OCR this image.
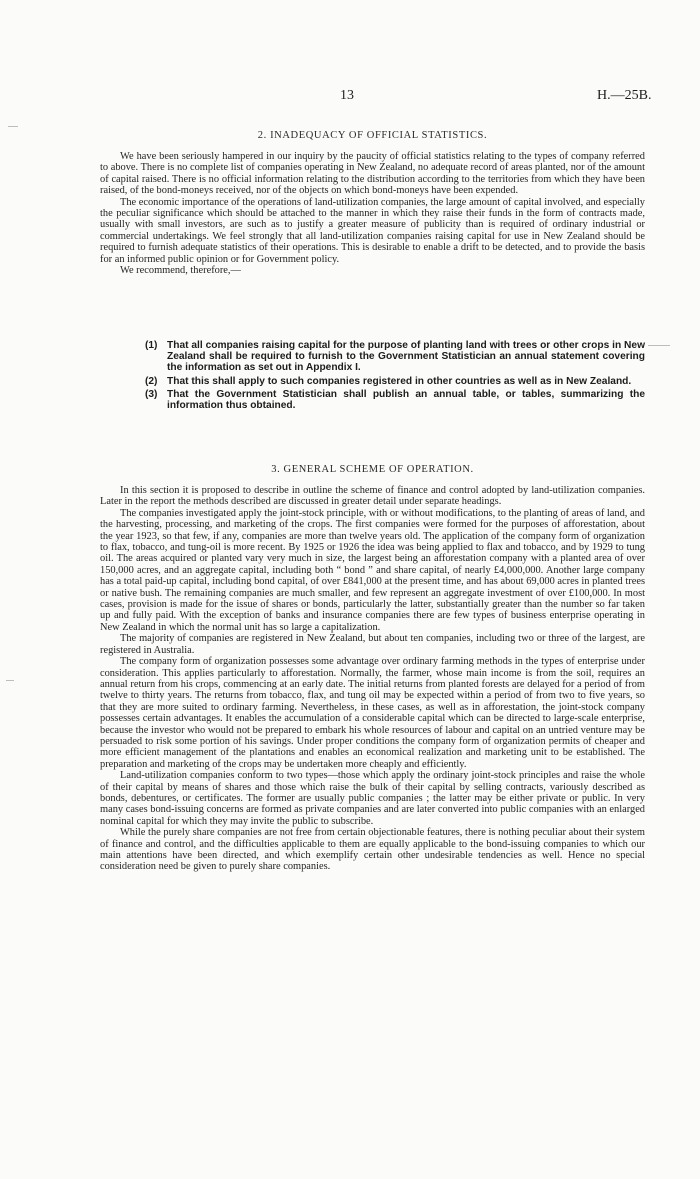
13	H.—25B.
2. INADEQUACY OF OFFICIAL STATISTICS.

We have been seriously hampered in our inquiry by the paucity of official statistics relating to the types of company referred to above. There is no complete list of companies operating in New Zealand, no adequate record of areas planted, nor of the amount of capital raised. There is no official information relating to the distribution according to the territories from which they have been raised, of the bond-moneys received, nor of the objects on which bond-moneys have been expended.

The economic importance of the operations of land-utilization companies, the large amount of capital involved, and especially the peculiar significance which should be attached to the manner in which they raise their funds in the form of contracts made, usually with small investors, are such as to justify a greater measure of publicity than is required of ordinary industrial or commercial undertakings. We feel strongly that all land-utilization companies raising capital for use in New Zealand should be required to furnish adequate statistics of their operations. This is desirable to enable a drift to be detected, and to provide the basis for an informed public opinion or for Government policy.

We recommend, therefore,—

(1) That all companies raising capital for the purpose of planting land with trees or other crops in New Zealand shall be required to furnish to the Government Statistician an annual statement covering the information as set out in Appendix I.
(2) That this shall apply to such companies registered in other countries as well as in New Zealand.
(3) That the Government Statistician shall publish an annual table, or tables, summarizing the information thus obtained.
3. GENERAL SCHEME OF OPERATION.

In this section it is proposed to describe in outline the scheme of finance and control adopted by land-utilization companies. Later in the report the methods described are discussed in greater detail under separate headings.

The companies investigated apply the joint-stock principle, with or without modifications, to the planting of areas of land, and the harvesting, processing, and marketing of the crops. The first companies were formed for the purposes of afforestation, about the year 1923, so that few, if any, companies are more than twelve years old. The application of the company form of organization to flax, tobacco, and tung-oil is more recent. By 1925 or 1926 the idea was being applied to flax and tobacco, and by 1929 to tung oil. The areas acquired or planted vary very much in size, the largest being an afforestation company with a planted area of over 150,000 acres, and an aggregate capital, including both “ bond ” and share capital, of nearly £4,000,000. Another large company has a total paid-up capital, including bond capital, of over £841,000 at the present time, and has about 69,000 acres in planted trees or native bush. The remaining companies are much smaller, and few represent an aggregate investment of over £100,000. In most cases, provision is made for the issue of shares or bonds, particularly the latter, substantially greater than the number so far taken up and fully paid. With the exception of banks and insurance companies there are few types of business enterprise operating in New Zealand in which the normal unit has so large a capitalization.

The majority of companies are registered in New Zealand, but about ten companies, including two or three of the largest, are registered in Australia.

The company form of organization possesses some advantage over ordinary farming methods in the types of enterprise under consideration. This applies particularly to afforestation. Normally, the farmer, whose main income is from the soil, requires an annual return from his crops, commencing at an early date. The initial returns from planted forests are delayed for a period of from twelve to thirty years. The returns from tobacco, flax, and tung oil may be expected within a period of from two to five years, so that they are more suited to ordinary farming. Nevertheless, in these cases, as well as in afforestation, the joint-stock company possesses certain advantages. It enables the accumulation of a considerable capital which can be directed to large-scale enterprise, because the investor who would not be prepared to embark his whole resources of labour and capital on an untried venture may be persuaded to risk some portion of his savings. Under proper conditions the company form of organization permits of cheaper and more efficient management of the plantations and enables an economical realization and marketing unit to be established. The preparation and marketing of the crops may be undertaken more cheaply and efficiently.

Land-utilization companies conform to two types—those which apply the ordinary joint-stock principles and raise the whole of their capital by means of shares and those which raise the bulk of their capital by selling contracts, variously described as bonds, debentures, or certificates. The former are usually public companies ; the latter may be either private or public. In very many cases bond-issuing concerns are formed as private companies and are later converted into public companies with an enlarged nominal capital for which they may invite the public to subscribe.

While the purely share companies are not free from certain objectionable features, there is nothing peculiar about their system of finance and control, and the difficulties applicable to them are equally applicable to the bond-issuing companies to which our main attentions have been directed, and which exemplify certain other undesirable tendencies as well. Hence no special consideration need be given to purely share companies.
